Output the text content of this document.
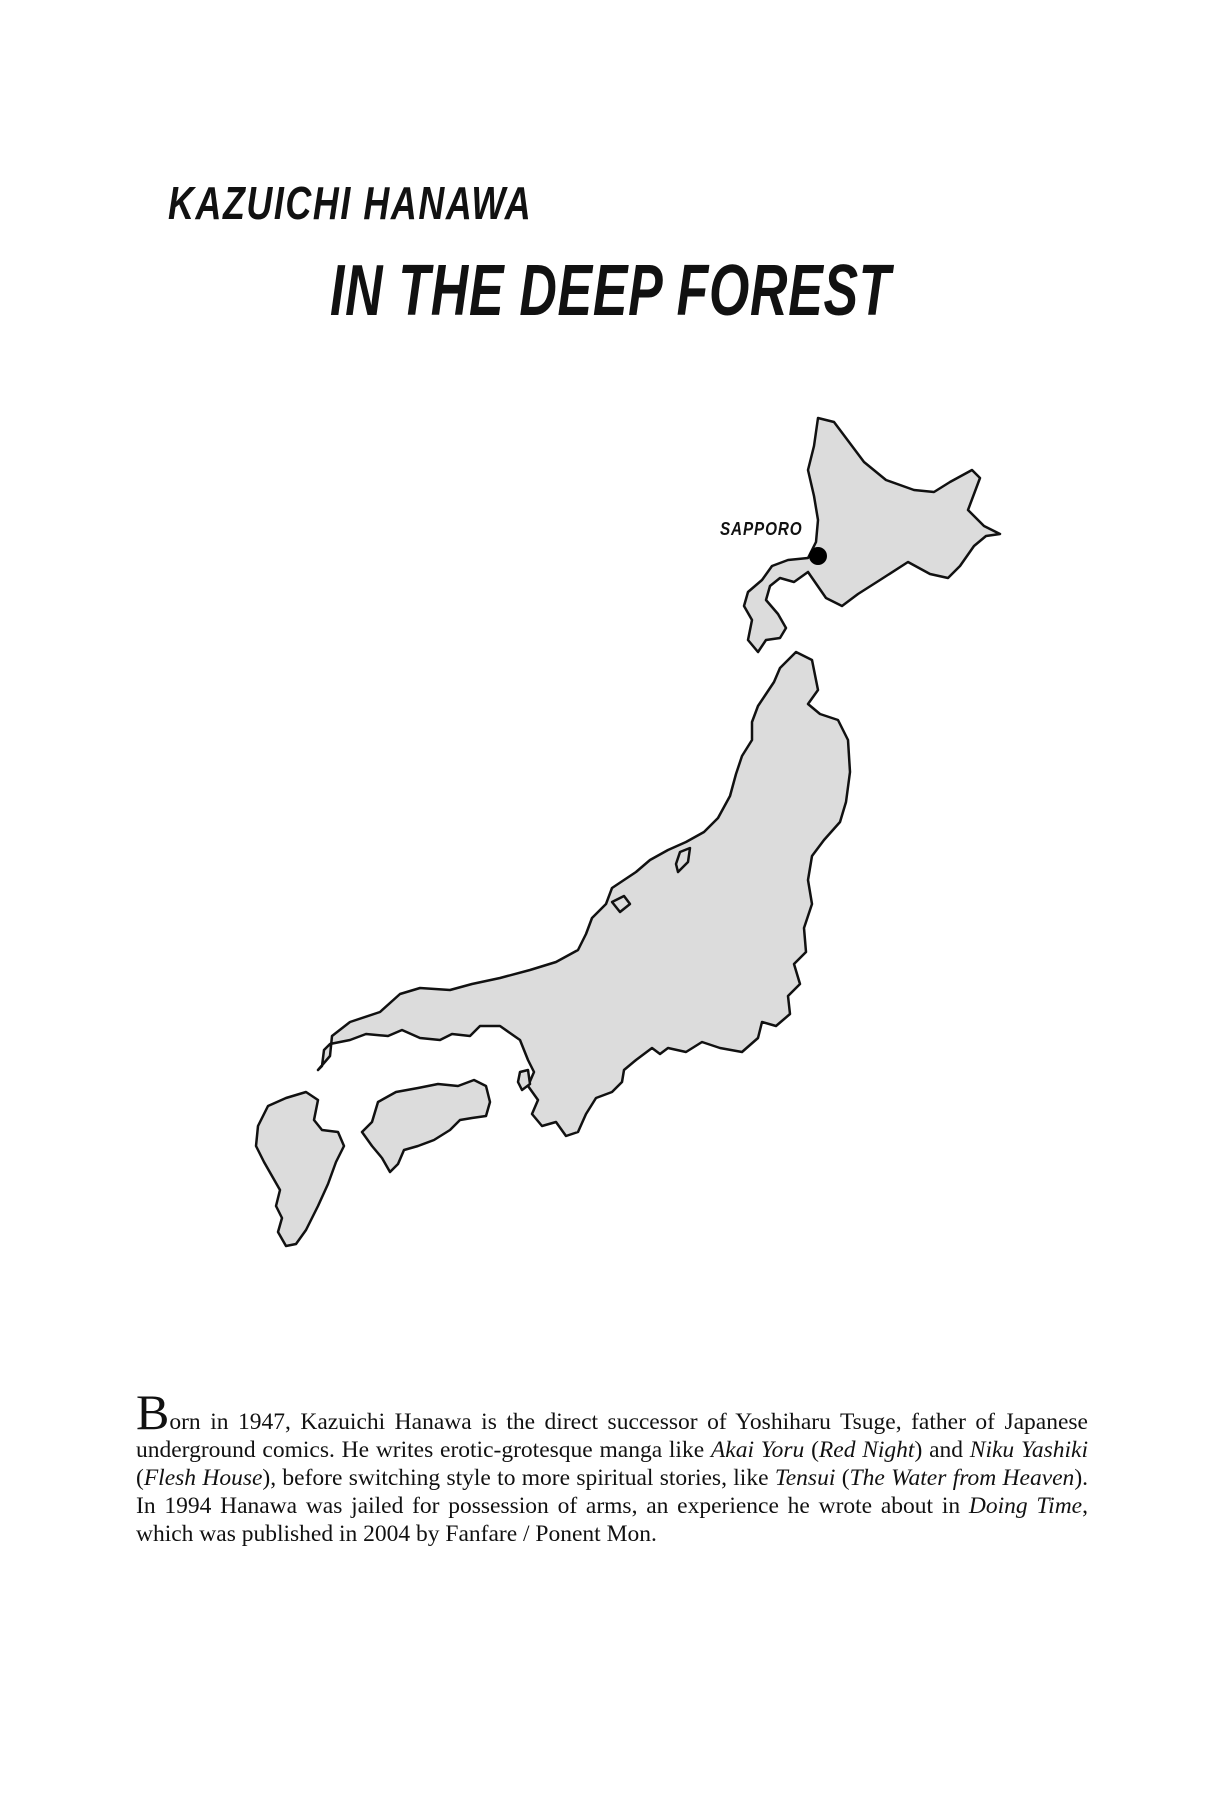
KAZUICHI HANAWA
IN THE DEEP FOREST
SAPPORO

Born in 1947, Kazuichi Hanawa is the direct successor of Yoshiharu Tsuge, father of Japanese underground comics. He writes erotic-grotesque manga like Akai Yoru (Red Night) and Niku Yashiki (Flesh House), before switching style to more spiritual stories, like Tensui (The Water from Heaven). In 1994 Hanawa was jailed for possession of arms, an experience he wrote about in Doing Time, which was published in 2004 by Fanfare / Ponent Mon.
